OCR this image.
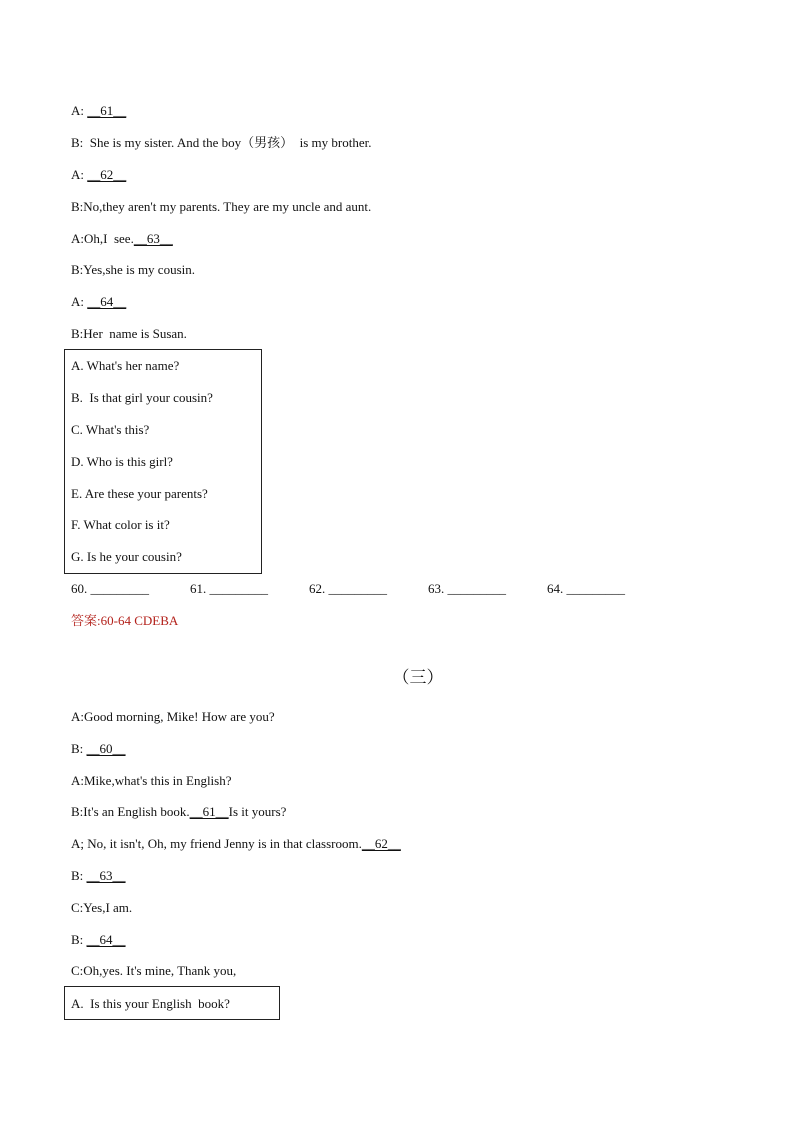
A: __61__
B:  She is my sister. And the boy（男孩）  is my brother.
A: __62__
B:No,they aren't my parents. They are my uncle and aunt.
A:Oh,I  see.__63__
B:Yes,she is my cousin.
A: __64__
B:Her  name is Susan.
A. What's her name?
B.  Is that girl your cousin?
C. What's this?
D. Who is this girl?
E. Are these your parents?
F. What color is it?
G. Is he your cousin?
60. _________	61. _________	62. _________	63. _________	64. _________
答案:60-64 CDEBA
（三）
A:Good morning, Mike! How are you?
B: __60__
A:Mike,what's this in English?
B:It's an English book.__61__Is it yours?
A; No, it isn't, Oh, my friend Jenny is in that classroom.__62__
B: __63__
C:Yes,I am.
B: __64__
C:Oh,yes. It's mine, Thank you,
A.  Is this your English  book?
